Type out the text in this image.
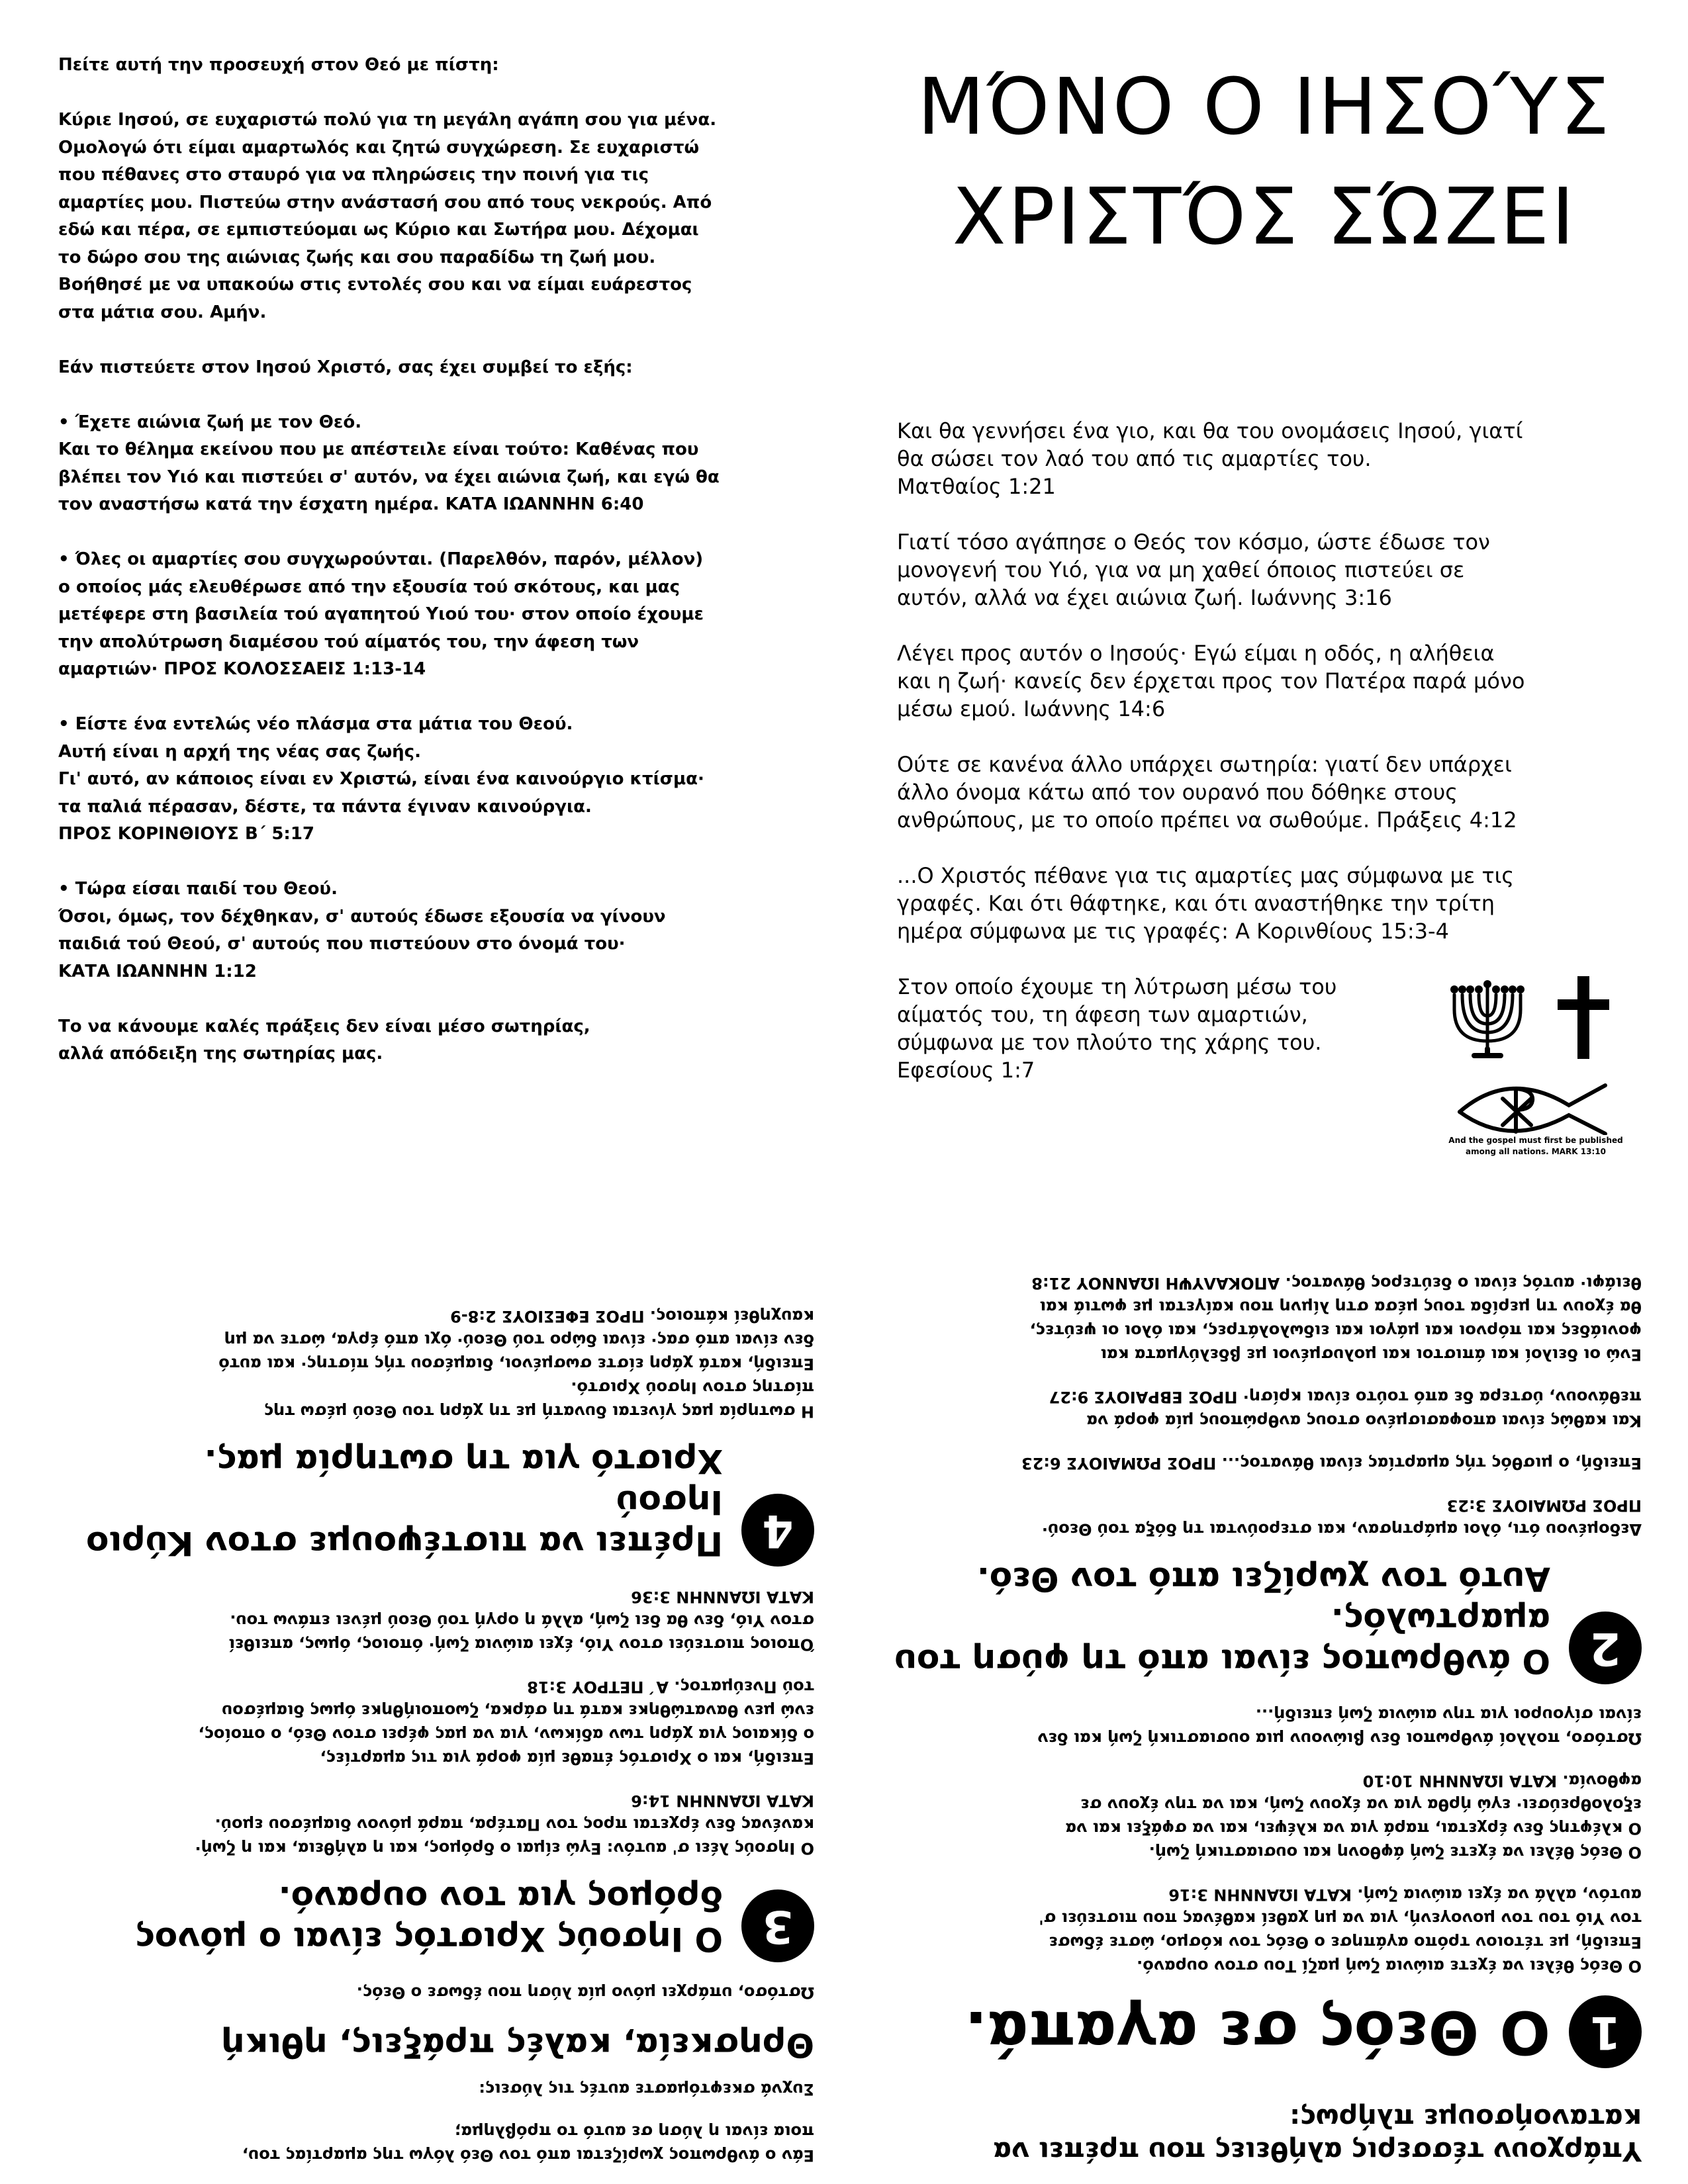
Πείτε αυτή την προσευχή στον Θεό με πίστη:

Κύριε Ιησού, σε ευχαριστώ πολύ για τη μεγάλη αγάπη σου για μένα.
Ομολογώ ότι είμαι αμαρτωλός και ζητώ συγχώρεση. Σε ευχαριστώ
που πέθανες στο σταυρό για να πληρώσεις την ποινή για τις
αμαρτίες μου. Πιστεύω στην ανάστασή σου από τους νεκρούς. Από
εδώ και πέρα, σε εμπιστεύομαι ως Κύριο και Σωτήρα μου. Δέχομαι
το δώρο σου της αιώνιας ζωής και σου παραδίδω τη ζωή μου.
Βοήθησέ με να υπακούω στις εντολές σου και να είμαι ευάρεστος
στα μάτια σου. Αμήν.

Εάν πιστεύετε στον Ιησού Χριστό, σας έχει συμβεί το εξής:

• Έχετε αιώνια ζωή με τον Θεό.
Και το θέλημα εκείνου που με απέστειλε είναι τούτο: Καθένας που
βλέπει τον Υιό και πιστεύει σ' αυτόν, να έχει αιώνια ζωή, και εγώ θα
τον αναστήσω κατά την έσχατη ημέρα. ΚΑΤΑ ΙΩΑΝΝΗΝ 6:40

• Όλες οι αμαρτίες σου συγχωρούνται. (Παρελθόν, παρόν, μέλλον)
ο οποίος μάς ελευθέρωσε από την εξουσία τού σκότους, και μας
μετέφερε στη βασιλεία τού αγαπητού Υιού του· στον οποίο έχουμε
την απολύτρωση διαμέσου τού αίματός του, την άφεση των
αμαρτιών· ΠΡΟΣ ΚΟΛΟΣΣΑΕΙΣ 1:13-14

• Είστε ένα εντελώς νέο πλάσμα στα μάτια του Θεού.
Αυτή είναι η αρχή της νέας σας ζωής.
Γι' αυτό, αν κάποιος είναι εν Χριστώ, είναι ένα καινούργιο κτίσμα·
τα παλιά πέρασαν, δέστε, τα πάντα έγιναν καινούργια.
ΠΡΟΣ ΚΟΡΙΝΘΙΟΥΣ Β΄ 5:17

• Τώρα είσαι παιδί του Θεού.
Όσοι, όμως, τον δέχθηκαν, σ' αυτούς έδωσε εξουσία να γίνουν
παιδιά τού Θεού, σ' αυτούς που πιστεύουν στο όνομά του·
ΚΑΤΑ ΙΩΑΝΝΗΝ 1:12

Το να κάνουμε καλές πράξεις δεν είναι μέσο σωτηρίας,
αλλά απόδειξη της σωτηρίας μας.

ΜΌΝΟ Ο ΙΗΣΟΎΣ
ΧΡΙΣΤΌΣ ΣΏΖΕΙ

Και θα γεννήσει ένα γιο, και θα του ονομάσεις Ιησού, γιατί
θα σώσει τον λαό του από τις αμαρτίες του.
Ματθαίος 1:21

Γιατί τόσο αγάπησε ο Θεός τον κόσμο, ώστε έδωσε τον
μονογενή του Υιό, για να μη χαθεί όποιος πιστεύει σε
αυτόν, αλλά να έχει αιώνια ζωή. Ιωάννης 3:16

Λέγει προς αυτόν ο Ιησούς· Εγώ είμαι η οδός, η αλήθεια
και η ζωή· κανείς δεν έρχεται προς τον Πατέρα παρά μόνο
μέσω εμού. Ιωάννης 14:6

Ούτε σε κανένα άλλο υπάρχει σωτηρία: γιατί δεν υπάρχει
άλλο όνομα κάτω από τον ουρανό που δόθηκε στους
ανθρώπους, με το οποίο πρέπει να σωθούμε. Πράξεις 4:12

...Ο Χριστός πέθανε για τις αμαρτίες μας σύμφωνα με τις
γραφές. Και ότι θάφτηκε, και ότι αναστήθηκε την τρίτη
ημέρα σύμφωνα με τις γραφές: Α Κορινθίους 15:3-4

Στον οποίο έχουμε τη λύτρωση μέσω του
αίματός του, τη άφεση των αμαρτιών,
σύμφωνα με τον πλούτο της χάρης του.
Εφεσίους 1:7

And the gospel must first be published
among all nations. MARK 13:10

Εάν ο άνθρωπος χωρίζεται από τον Θεό λόγω της αμαρτίας του,
ποια είναι η λύση σε αυτό το πρόβλημα;

Συχνά σκεφτόμαστε αυτές τις λύσεις:

Θρησκεία, καλές πράξεις, ηθική

Ωστόσο, υπάρχει μόνο μία λύση που έδωσε ο Θεός.

3
Ο Ιησούς Χριστός είναι ο μόνος
δρόμος για τον ουρανό.

Ο Ιησούς λέει σ' αυτόν: Εγώ είμαι ο δρόμος, και η αλήθεια, και η ζωή·
κανένας δεν έρχεται προς τον Πατέρα, παρά μόνον διαμέσου εμού.
ΚΑΤΑ ΙΩΑΝΝΗΝ 14:6

Επειδή, και ο Χριστός έπαθε μία φορά για τις αμαρτίες,
ο δίκαιος για χάρη των αδίκων, για να μας φέρει στον Θεό, ο οποίος,
ενώ μεν θανατώθηκε κατά τη σάρκα, ζωοποιήθηκε όμως διαμέσου
τού Πνεύματος. Α΄ ΠΕΤΡΟΥ 3:18

Όποιος πιστεύει στον Υιό, έχει αιώνια ζωή· όποιος, όμως, απειθεί
στον Υιό, δεν θα δει ζωή, αλλά η οργή τού Θεού μένει επάνω του.
ΚΑΤΑ ΙΩΑΝΝΗΝ 3:36

4
Πρέπει να πιστέψουμε στον Κύριο Ιησού
Χριστό για τη σωτηρία μας.

Η σωτηρία μας γίνεται δυνατή με τη χάρη του Θεού μέσω της
πίστης στον Ιησού Χριστό.
Επειδή, κατά χάρη είστε σωσμένοι, διαμέσου τής πίστης· και αυτό
δεν είναι από σας· είναι δώρο τού Θεού· όχι από έργα, ώστε να μη
καυχηθεί κάποιος. ΠΡΟΣ ΕΦΕΣΙΟΥΣ 2:8-9

Υπάρχουν τέσσερις αλήθειες που πρέπει να
κατανοήσουμε πλήρως:

1
Ο Θεός σε αγαπά.

Ο Θεός θέλει να έχετε αιώνια ζωή μαζί Του στον ουρανό.
Επειδή, με τέτοιον τρόπο αγάπησε ο Θεός τον κόσμο, ώστε έδωσε
τον Υιό του τον μονογενή, για να μη χαθεί καθένας που πιστεύει σ'
αυτόν, αλλά να έχει αιώνια ζωή. ΚΑΤΑ ΙΩΑΝΝΗΝ 3:16

Ο Θεός θέλει να έχετε ζωή άφθονη και ουσιαστική ζωή.
Ο κλέφτης δεν έρχεται, παρά για να κλέψει, και να σφάξει και να
εξολοθρεύσει· εγώ ήρθα για να έχουν ζωή, και να την έχουν σε
αφθονία. ΚΑΤΑ ΙΩΑΝΝΗΝ 10:10

Ωστόσο, πολλοί άνθρωποι δεν βιώνουν μια ουσιαστική ζωή και δεν
είναι σίγουροι για την αιώνια ζωή επειδή...

2
Ο άνθρωπος είναι από τη φύση του αμαρτωλός.
Αυτό τον χωρίζει από τον Θεό.

Δεδομένου ότι, όλοι αμάρτησαν, και στερούνται τη δόξα τού Θεού·
ΠΡΟΣ ΡΩΜΑΙΟΥΣ 3:23

Επειδή, ο μισθός τής αμαρτίας είναι θάνατος... ΠΡΟΣ ΡΩΜΑΙΟΥΣ 6:23

Και καθώς είναι αποφασισμένο στους ανθρώπους μία φορά να
πεθάνουν, ύστερα δε από τούτο είναι κρίση· ΠΡΟΣ ΕΒΡΑΙΟΥΣ 9:27

Ενώ οι δειλοί και άπιστοι και μολυσμένοι με βδελύγματα και
φονιάδες και πόρνοι και μάγοι και ειδωλολάτρες, και όλοι οι ψεύτες,
θα έχουν τη μερίδα τους μέσα στη λίμνη που καίγεται με φωτιά και
θειάφι· αυτός είναι ο δεύτερος θάνατος. ΑΠΟΚΑΛΥΨΗ ΙΩΑΝΝΟΥ 21:8
